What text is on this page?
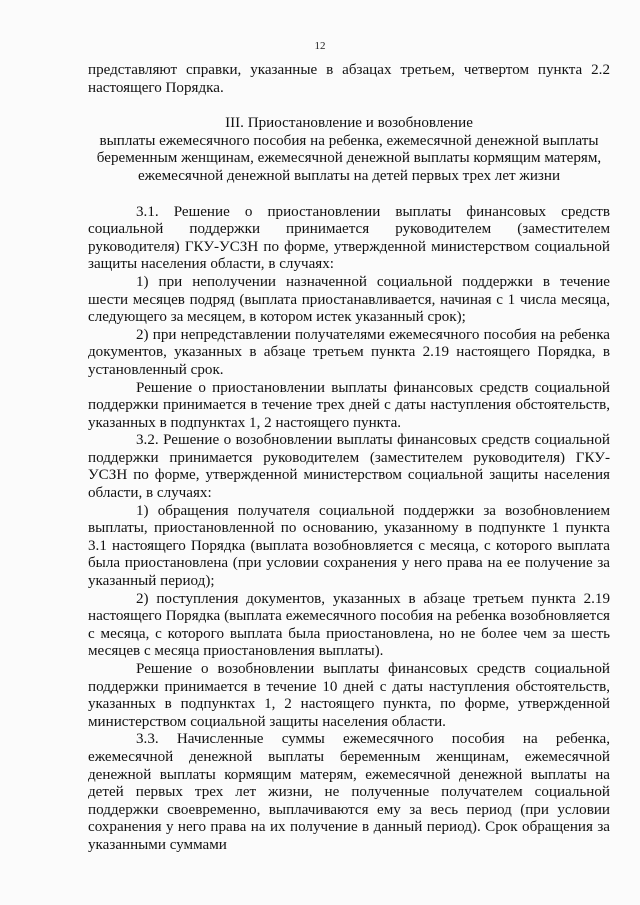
12

представляют справки, указанные в абзацах третьем, четвертом пункта 2.2 настоящего Порядка.

III. Приостановление и возобновление
выплаты ежемесячного пособия на ребенка, ежемесячной денежной выплаты
беременным женщинам, ежемесячной денежной выплаты кормящим матерям,
ежемесячной денежной выплаты на детей первых трех лет жизни

3.1. Решение о приостановлении выплаты финансовых средств социальной поддержки принимается руководителем (заместителем руководителя) ГКУ-УСЗН по форме, утвержденной министерством социальной защиты населения области, в случаях:

1) при неполучении назначенной социальной поддержки в течение шести месяцев подряд (выплата приостанавливается, начиная с 1 числа месяца, следующего за месяцем, в котором истек указанный срок);

2) при непредставлении получателями ежемесячного пособия на ребенка документов, указанных в абзаце третьем пункта 2.19 настоящего Порядка, в установленный срок.

Решение о приостановлении выплаты финансовых средств социальной поддержки принимается в течение трех дней с даты наступления обстоятельств, указанных в подпунктах 1, 2 настоящего пункта.

3.2. Решение о возобновлении выплаты финансовых средств социальной поддержки принимается руководителем (заместителем руководителя) ГКУ-УСЗН по форме, утвержденной министерством социальной защиты населения области, в случаях:

1) обращения получателя социальной поддержки за возобновлением выплаты, приостановленной по основанию, указанному в подпункте 1 пункта 3.1 настоящего Порядка (выплата возобновляется с месяца, с которого выплата была приостановлена (при условии сохранения у него права на ее получение за указанный период);

2) поступления документов, указанных в абзаце третьем пункта 2.19 настоящего Порядка (выплата ежемесячного пособия на ребенка возобновляется с месяца, с которого выплата была приостановлена, но не более чем за шесть месяцев с месяца приостановления выплаты).

Решение о возобновлении выплаты финансовых средств социальной поддержки принимается в течение 10 дней с даты наступления обстоятельств, указанных в подпунктах 1, 2 настоящего пункта, по форме, утвержденной министерством социальной защиты населения области.

3.3. Начисленные суммы ежемесячного пособия на ребенка, ежемесячной денежной выплаты беременным женщинам, ежемесячной денежной выплаты кормящим матерям, ежемесячной денежной выплаты на детей первых трех лет жизни, не полученные получателем социальной поддержки своевременно, выплачиваются ему за весь период (при условии сохранения у него права на их получение в данный период). Срок обращения за указанными суммами
